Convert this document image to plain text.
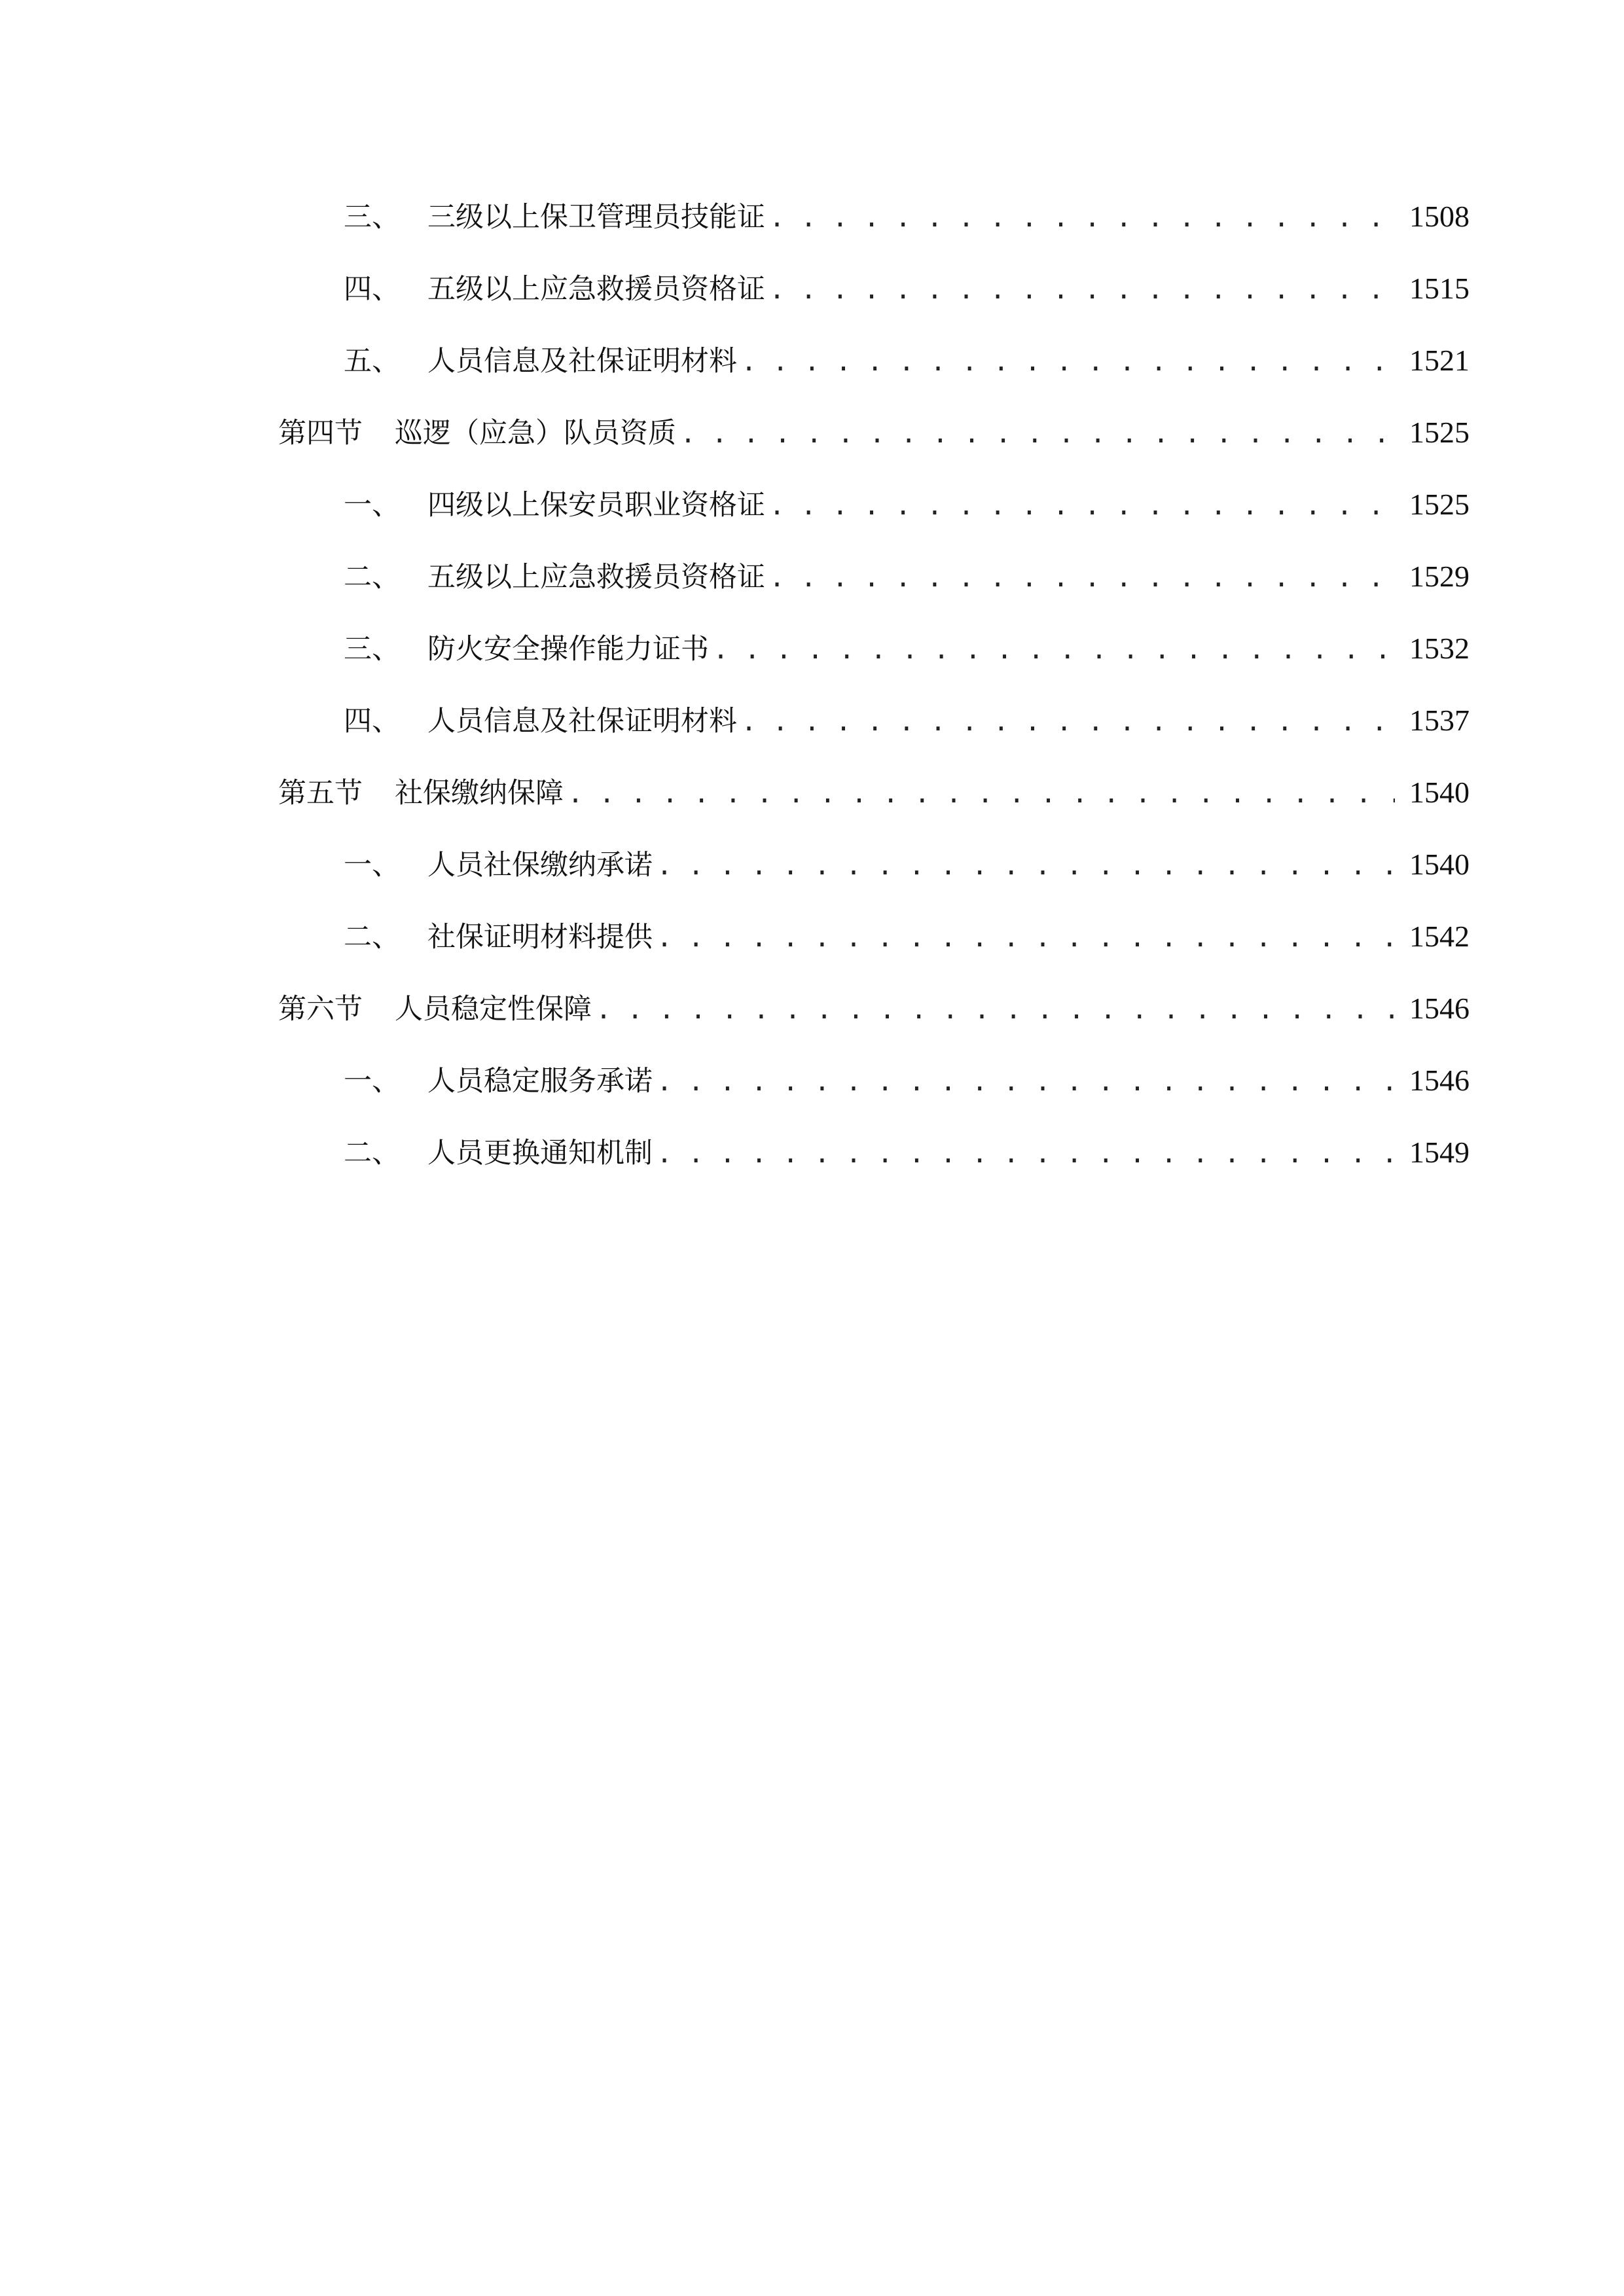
三、 三级以上保卫管理员技能证 . . .	1508
四、 五级以上应急救援员资格证 . . .	1515
五、 人员信息及社保证明材料 . . .	1521
第四节	巡逻（应急）队员资质 . . .	1525
一、 四级以上保安员职业资格证 . . .	1525
二、 五级以上应急救援员资格证 . . .	1529
三、 防火安全操作能力证书 . . .	1532
四、 人员信息及社保证明材料 . . .	1537
第五节	社保缴纳保障 . . .	1540
一、 人员社保缴纳承诺 . . .	1540
二、 社保证明材料提供 . . .	1542
第六节	人员稳定性保障 . . .	1546
一、 人员稳定服务承诺 . . .	1546
二、 人员更换通知机制 . . .	1549
